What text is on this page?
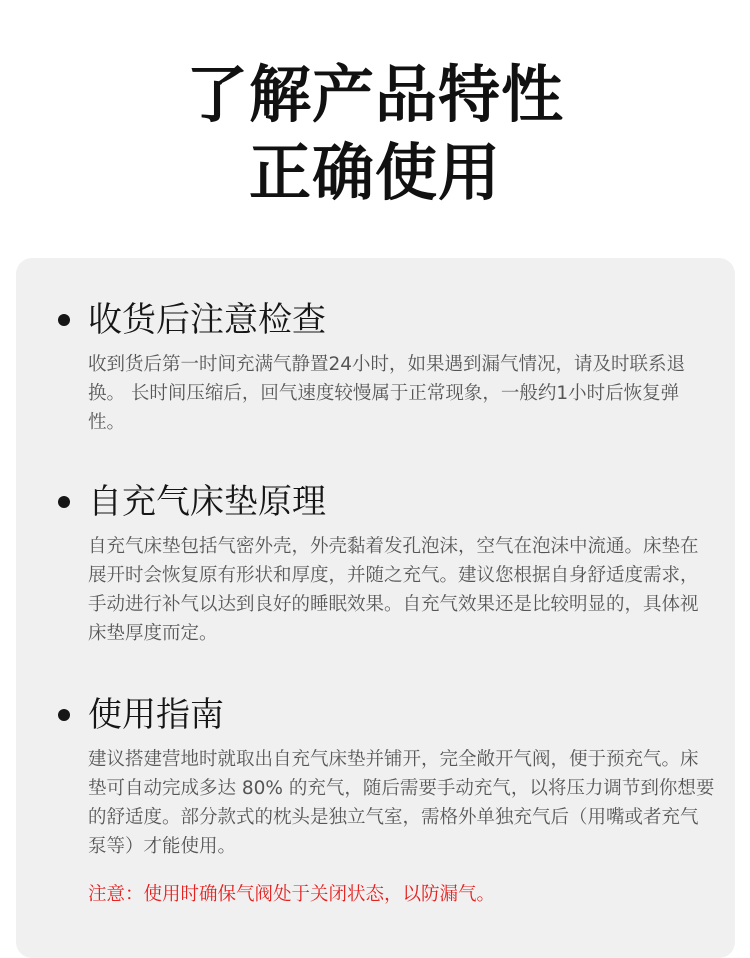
了解产品特性
正确使用
收货后注意检查
收到货后第一时间充满气静置24小时，如果遇到漏气情况，请及时联系退换。 长时间压缩后，回气速度较慢属于正常现象，一般约1小时后恢复弹性。
自充气床垫原理
自充气床垫包括气密外壳，外壳黏着发孔泡沫，空气在泡沫中流通。床垫在展开时会恢复原有形状和厚度，并随之充气。建议您根据自身舒适度需求，手动进行补气以达到良好的睡眠效果。自充气效果还是比较明显的，具体视床垫厚度而定。
使用指南
建议搭建营地时就取出自充气床垫并铺开，完全敞开气阀，便于预充气。床垫可自动完成多达 80% 的充气，随后需要手动充气，以将压力调节到你想要的舒适度。部分款式的枕头是独立气室，需格外单独充气后（用嘴或者充气泵等）才能使用。
注意：使用时确保气阀处于关闭状态，以防漏气。
